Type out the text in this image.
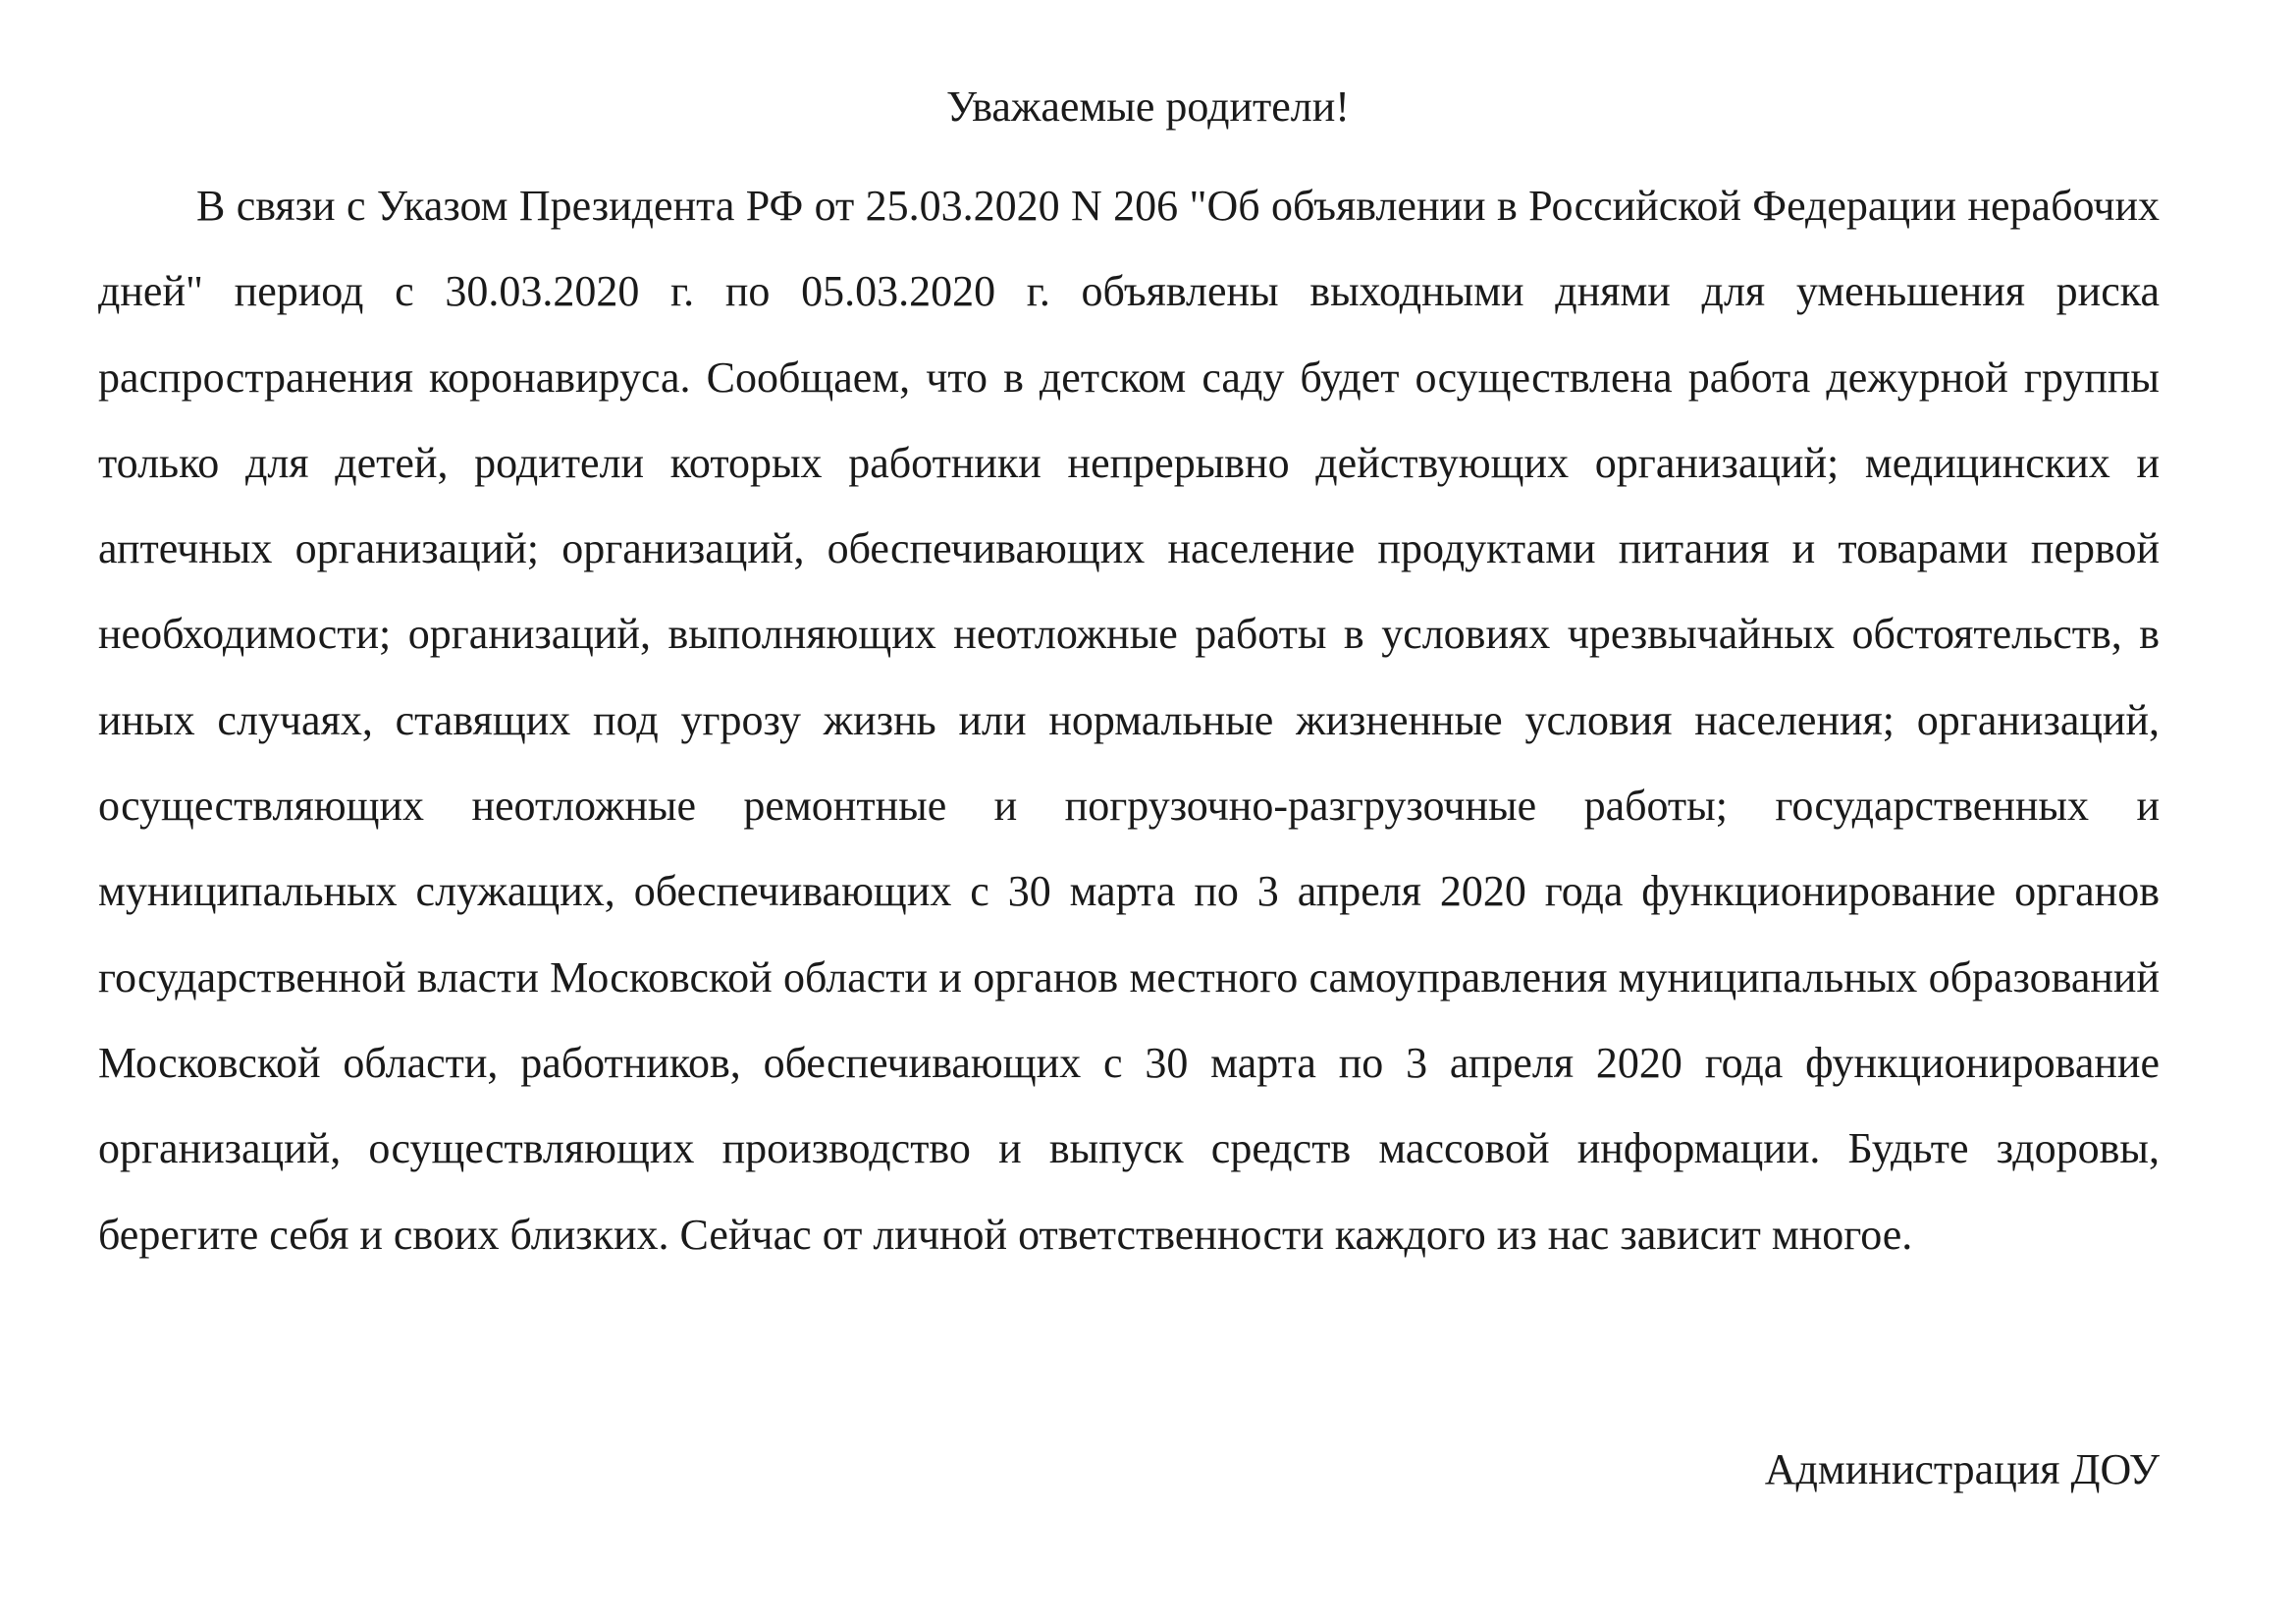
Уважаемые родители!

В связи с Указом Президента РФ от 25.03.2020 N 206 "Об объявлении в Российской Федерации нерабочих дней" период с 30.03.2020 г. по 05.03.2020 г. объявлены выходными днями для уменьшения риска распространения коронавируса. Сообщаем, что в детском саду будет осуществлена работа дежурной группы только для детей, родители которых работники непрерывно действующих организаций; медицинских и аптечных организаций; организаций, обеспечивающих население продуктами питания и товарами первой необходимости; организаций, выполняющих неотложные работы в условиях чрезвычайных обстоятельств, в иных случаях, ставящих под угрозу жизнь или нормальные жизненные условия населения; организаций, осуществляющих неотложные ремонтные и погрузочно-разгрузочные работы; государственных и муниципальных служащих, обеспечивающих с 30 марта по 3 апреля 2020 года функционирование органов государственной власти Московской области и органов местного самоуправления муниципальных образований Московской области, работников, обеспечивающих с 30 марта по 3 апреля 2020 года функционирование организаций, осуществляющих производство и выпуск средств массовой информации. Будьте здоровы, берегите себя и своих близких. Сейчас от личной ответственности каждого из нас зависит многое.

Администрация ДОУ
